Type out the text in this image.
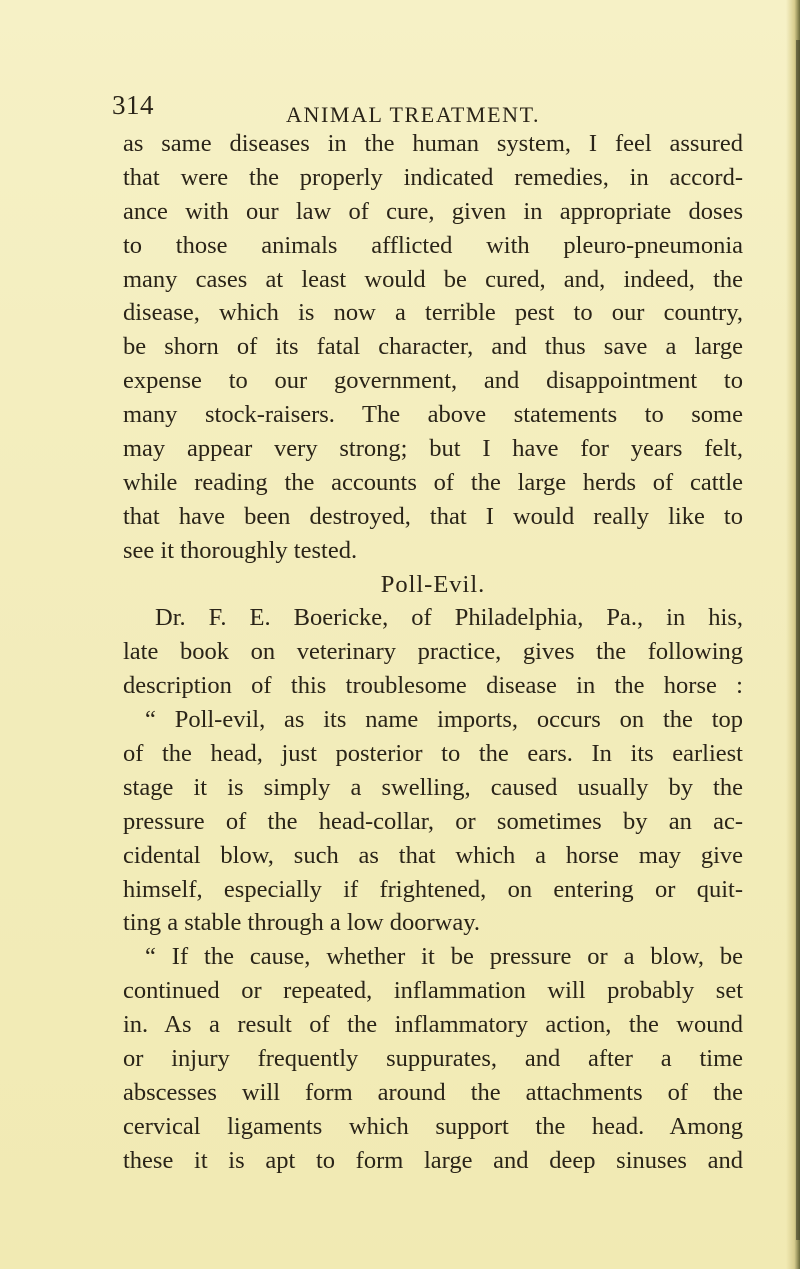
314	ANIMAL TREATMENT.
as same diseases in the human system, I feel assured
that were the properly indicated remedies, in accord-
ance with our law of cure, given in appropriate doses
to those animals afflicted with pleuro-pneumonia
many cases at least would be cured, and, indeed, the
disease, which is now a terrible pest to our country,
be shorn of its fatal character, and thus save a large
expense to our government, and disappointment to
many stock-raisers. The above statements to some
may appear very strong; but I have for years felt,
while reading the accounts of the large herds of cattle
that have been destroyed, that I would really like to
see it thoroughly tested.
Poll-Evil.
Dr. F. E. Boericke, of Philadelphia, Pa., in his,
late book on veterinary practice, gives the following
description of this troublesome disease in the horse :
“ Poll-evil, as its name imports, occurs on the top
of the head, just posterior to the ears. In its earliest
stage it is simply a swelling, caused usually by the
pressure of the head-collar, or sometimes by an ac-
cidental blow, such as that which a horse may give
himself, especially if frightened, on entering or quit-
ting a stable through a low doorway.
“ If the cause, whether it be pressure or a blow, be
continued or repeated, inflammation will probably set
in. As a result of the inflammatory action, the wound
or injury frequently suppurates, and after a time
abscesses will form around the attachments of the
cervical ligaments which support the head. Among
these it is apt to form large and deep sinuses and
